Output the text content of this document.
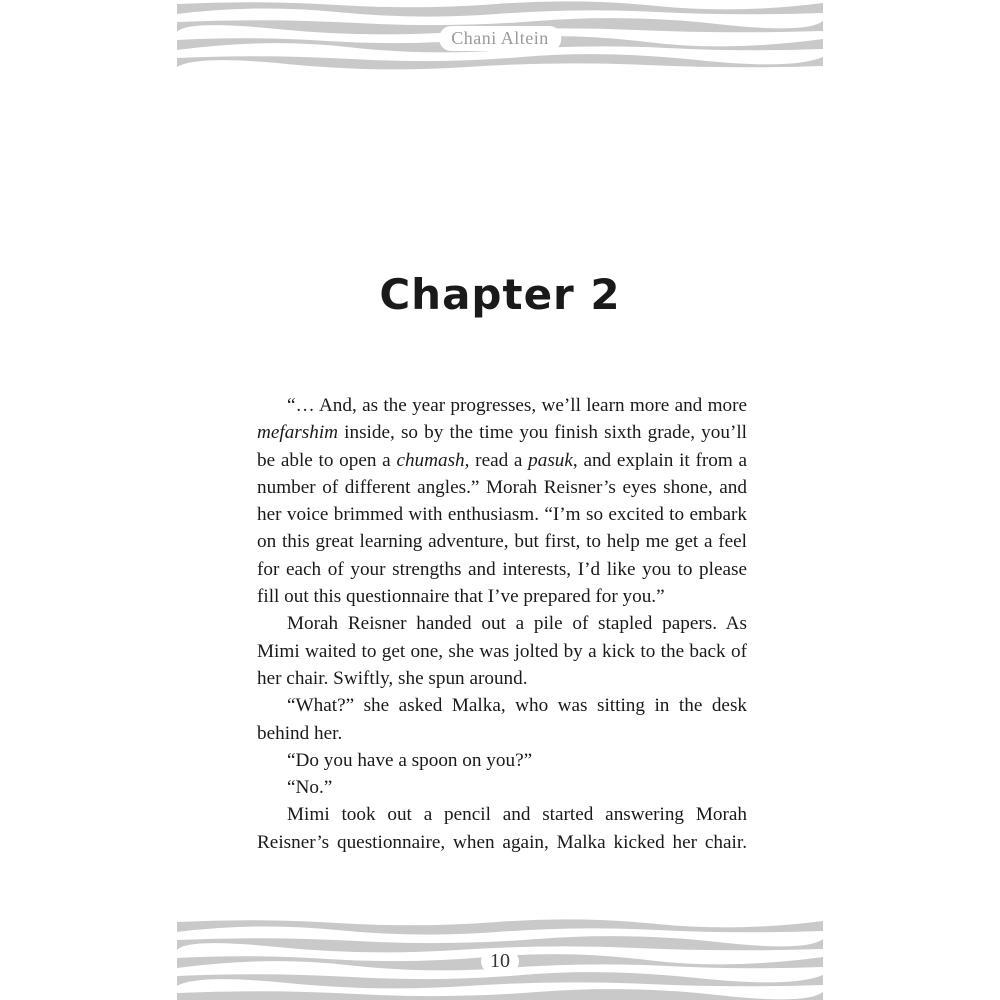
Chani Altein
Chapter 2

“… And, as the year progresses, we’ll learn more and more mefarshim inside, so by the time you finish sixth grade, you’ll be able to open a chumash, read a pasuk, and explain it from a number of different angles.” Morah Reisner’s eyes shone, and her voice brimmed with enthusiasm. “I’m so excited to embark on this great learning adventure, but first, to help me get a feel for each of your strengths and interests, I’d like you to please fill out this questionnaire that I’ve prepared for you.”

Morah Reisner handed out a pile of stapled papers. As Mimi waited to get one, she was jolted by a kick to the back of her chair. Swiftly, she spun around.

“What?” she asked Malka, who was sitting in the desk behind her.

“Do you have a spoon on you?”

“No.”

Mimi took out a pencil and started answering Morah Reisner’s questionnaire, when again, Malka kicked her chair.

10
